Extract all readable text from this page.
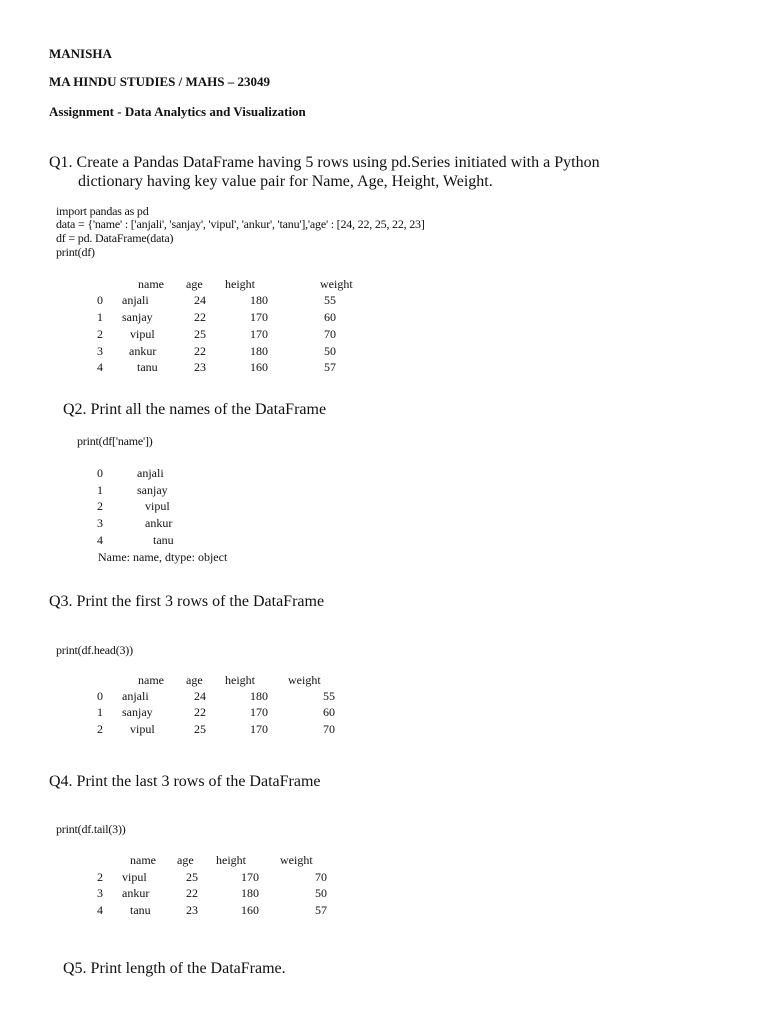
MANISHA
MA HINDU STUDIES / MAHS – 23049
Assignment - Data Analytics and Visualization
Q1. Create a Pandas DataFrame having 5 rows using pd.Series initiated with a Python
dictionary having key value pair for Name, Age, Height, Weight.
import pandas as pd
data = {'name' : ['anjali', 'sanjay', 'vipul', 'ankur', 'tanu'],'age' : [24, 22, 25, 22, 23]
df = pd. DataFrame(data)
print(df)
name age height	weight
0 anjali	24	180	55
1 sanjay	22	170	60
2 vipul	25	170	70
3 ankur	22	180	50
4	tanu	23	160	57
Q2. Print all the names of the DataFrame
print(df['name'])
0	anjali
1	sanjay
2	vipul
3	ankur
4	tanu
Name: name, dtype: object
Q3. Print the first 3 rows of the DataFrame
print(df.head(3))
name age height	weight
0 anjali	24	180	55
1 sanjay	22	170	60
2 vipul	25	170	70
Q4. Print the last 3 rows of the DataFrame
print(df.tail(3))
name age height	weight
2 vipul	25	170	70
3 ankur	22	180	50
4 tanu	23	160	57
Q5. Print length of the DataFrame.
